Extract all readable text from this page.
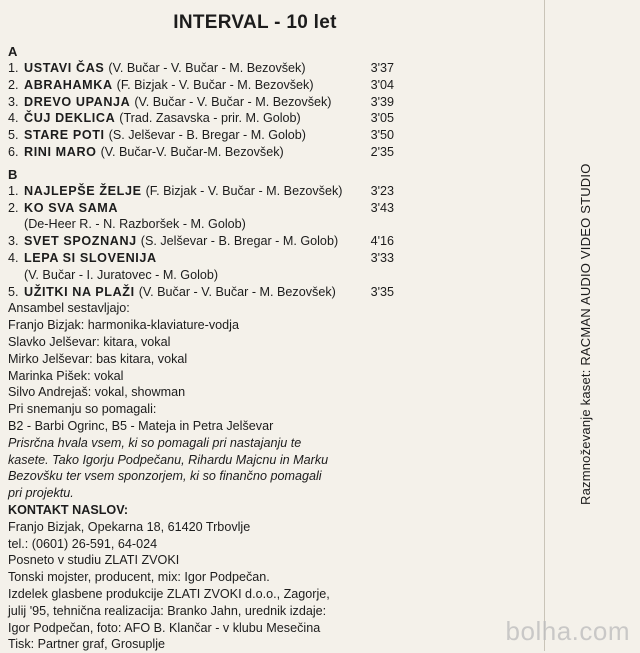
INTERVAL - 10 let
A
1. USTAVI ČAS (V. Bučar - V. Bučar - M. Bezovšek)	3'37
2. ABRAHAMKA (F. Bizjak - V. Bučar - M. Bezovšek)	3'04
3. DREVO UPANJA (V. Bučar - V. Bučar - M. Bezovšek)	3'39
4. ČUJ DEKLICA (Trad. Zasavska - prir. M. Golob)	3'05
5. STARE POTI (S. Jelševar - B. Bregar - M. Golob)	3'50
6. RINI MARO (V. Bučar-V. Bučar-M. Bezovšek)	2'35
B
1. NAJLEPŠE ŽELJE (F. Bizjak - V. Bučar - M. Bezovšek)	3'23
2. KO SVA SAMA	3'43
(De-Heer R. - N. Razboršek - M. Golob)
3. SVET SPOZNANJ (S. Jelševar - B. Bregar - M. Golob)	4'16
4. LEPA SI SLOVENIJA	3'33
(V. Bučar - I. Juratovec - M. Golob)
5. UŽITKI NA PLAŽI (V. Bučar - V. Bučar - M. Bezovšek)	3'35
Ansambel sestavljajo:
Franjo Bizjak: harmonika-klaviature-vodja
Slavko Jelševar: kitara, vokal
Mirko Jelševar: bas kitara, vokal
Marinka Pišek: vokal
Silvo Andrejaš: vokal, showman
Pri snemanju so pomagali:
B2 - Barbi Ogrinc, B5 - Mateja in Petra Jelševar
Prisrčna hvala vsem, ki so pomagali pri nastajanju te
kasete. Tako Igorju Podpečanu, Rihardu Majcnu in Marku
Bezovšku ter vsem sponzorjem, ki so finančno pomagali
pri projektu.
KONTAKT NASLOV:
Franjo Bizjak, Opekarna 18, 61420 Trbovlje
tel.: (0601) 26-591, 64-024
Posneto v studiu ZLATI ZVOKI
Tonski mojster, producent, mix: Igor Podpečan.
Izdelek glasbene produkcije ZLATI ZVOKI d.o.o., Zagorje,
julij '95, tehnična realizacija: Branko Jahn, urednik izdaje:
Igor Podpečan, foto: AFO B. Klančar - v klubu Mesečina
Tisk: Partner graf, Grosuplje
Razmnoževanje kaset: RACMAN AUDIO VIDEO STUDIO
bolha.com
